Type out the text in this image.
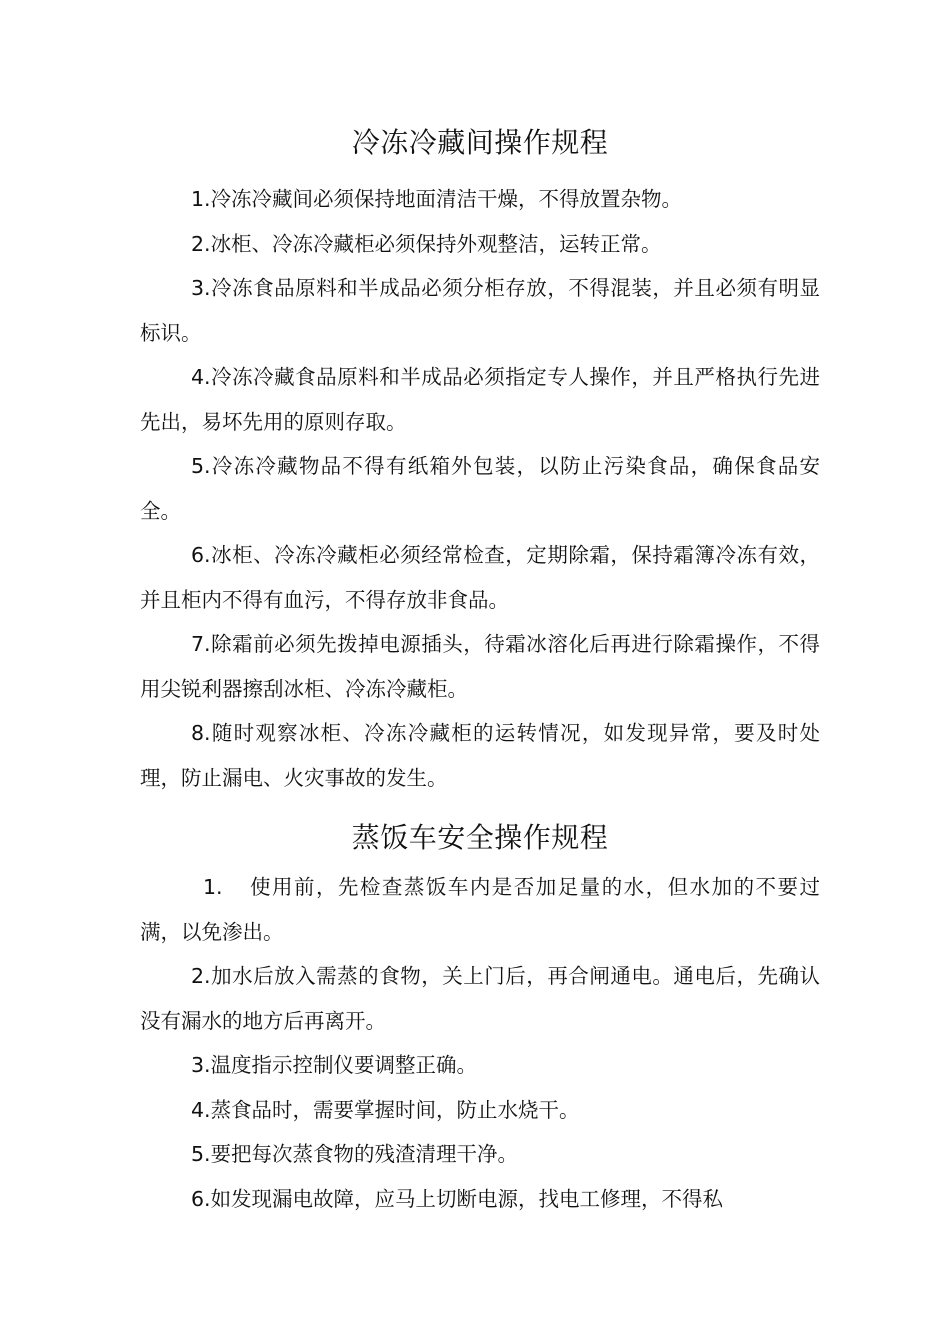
冷冻冷藏间操作规程
1.冷冻冷藏间必须保持地面清洁干燥，不得放置杂物。
2.冰柜、冷冻冷藏柜必须保持外观整洁，运转正常。
3.冷冻食品原料和半成品必须分柜存放，不得混装，并且必须有明显标识。
4.冷冻冷藏食品原料和半成品必须指定专人操作，并且严格执行先进先出，易坏先用的原则存取。
5.冷冻冷藏物品不得有纸箱外包装，以防止污染食品，确保食品安全。
6.冰柜、冷冻冷藏柜必须经常检查，定期除霜，保持霜簿冷冻有效，并且柜内不得有血污，不得存放非食品。
7.除霜前必须先拨掉电源插头，待霜冰溶化后再进行除霜操作，不得用尖锐利器擦刮冰柜、冷冻冷藏柜。
8.随时观察冰柜、冷冻冷藏柜的运转情况，如发现异常，要及时处理，防止漏电、火灾事故的发生。
蒸饭车安全操作规程
1. 使用前，先检查蒸饭车内是否加足量的水，但水加的不要过满，以免渗出。
2.加水后放入需蒸的食物，关上门后，再合闸通电。通电后，先确认没有漏水的地方后再离开。
3.温度指示控制仪要调整正确。
4.蒸食品时，需要掌握时间，防止水烧干。
5.要把每次蒸食物的残渣清理干净。
6.如发现漏电故障，应马上切断电源，找电工修理，不得私
